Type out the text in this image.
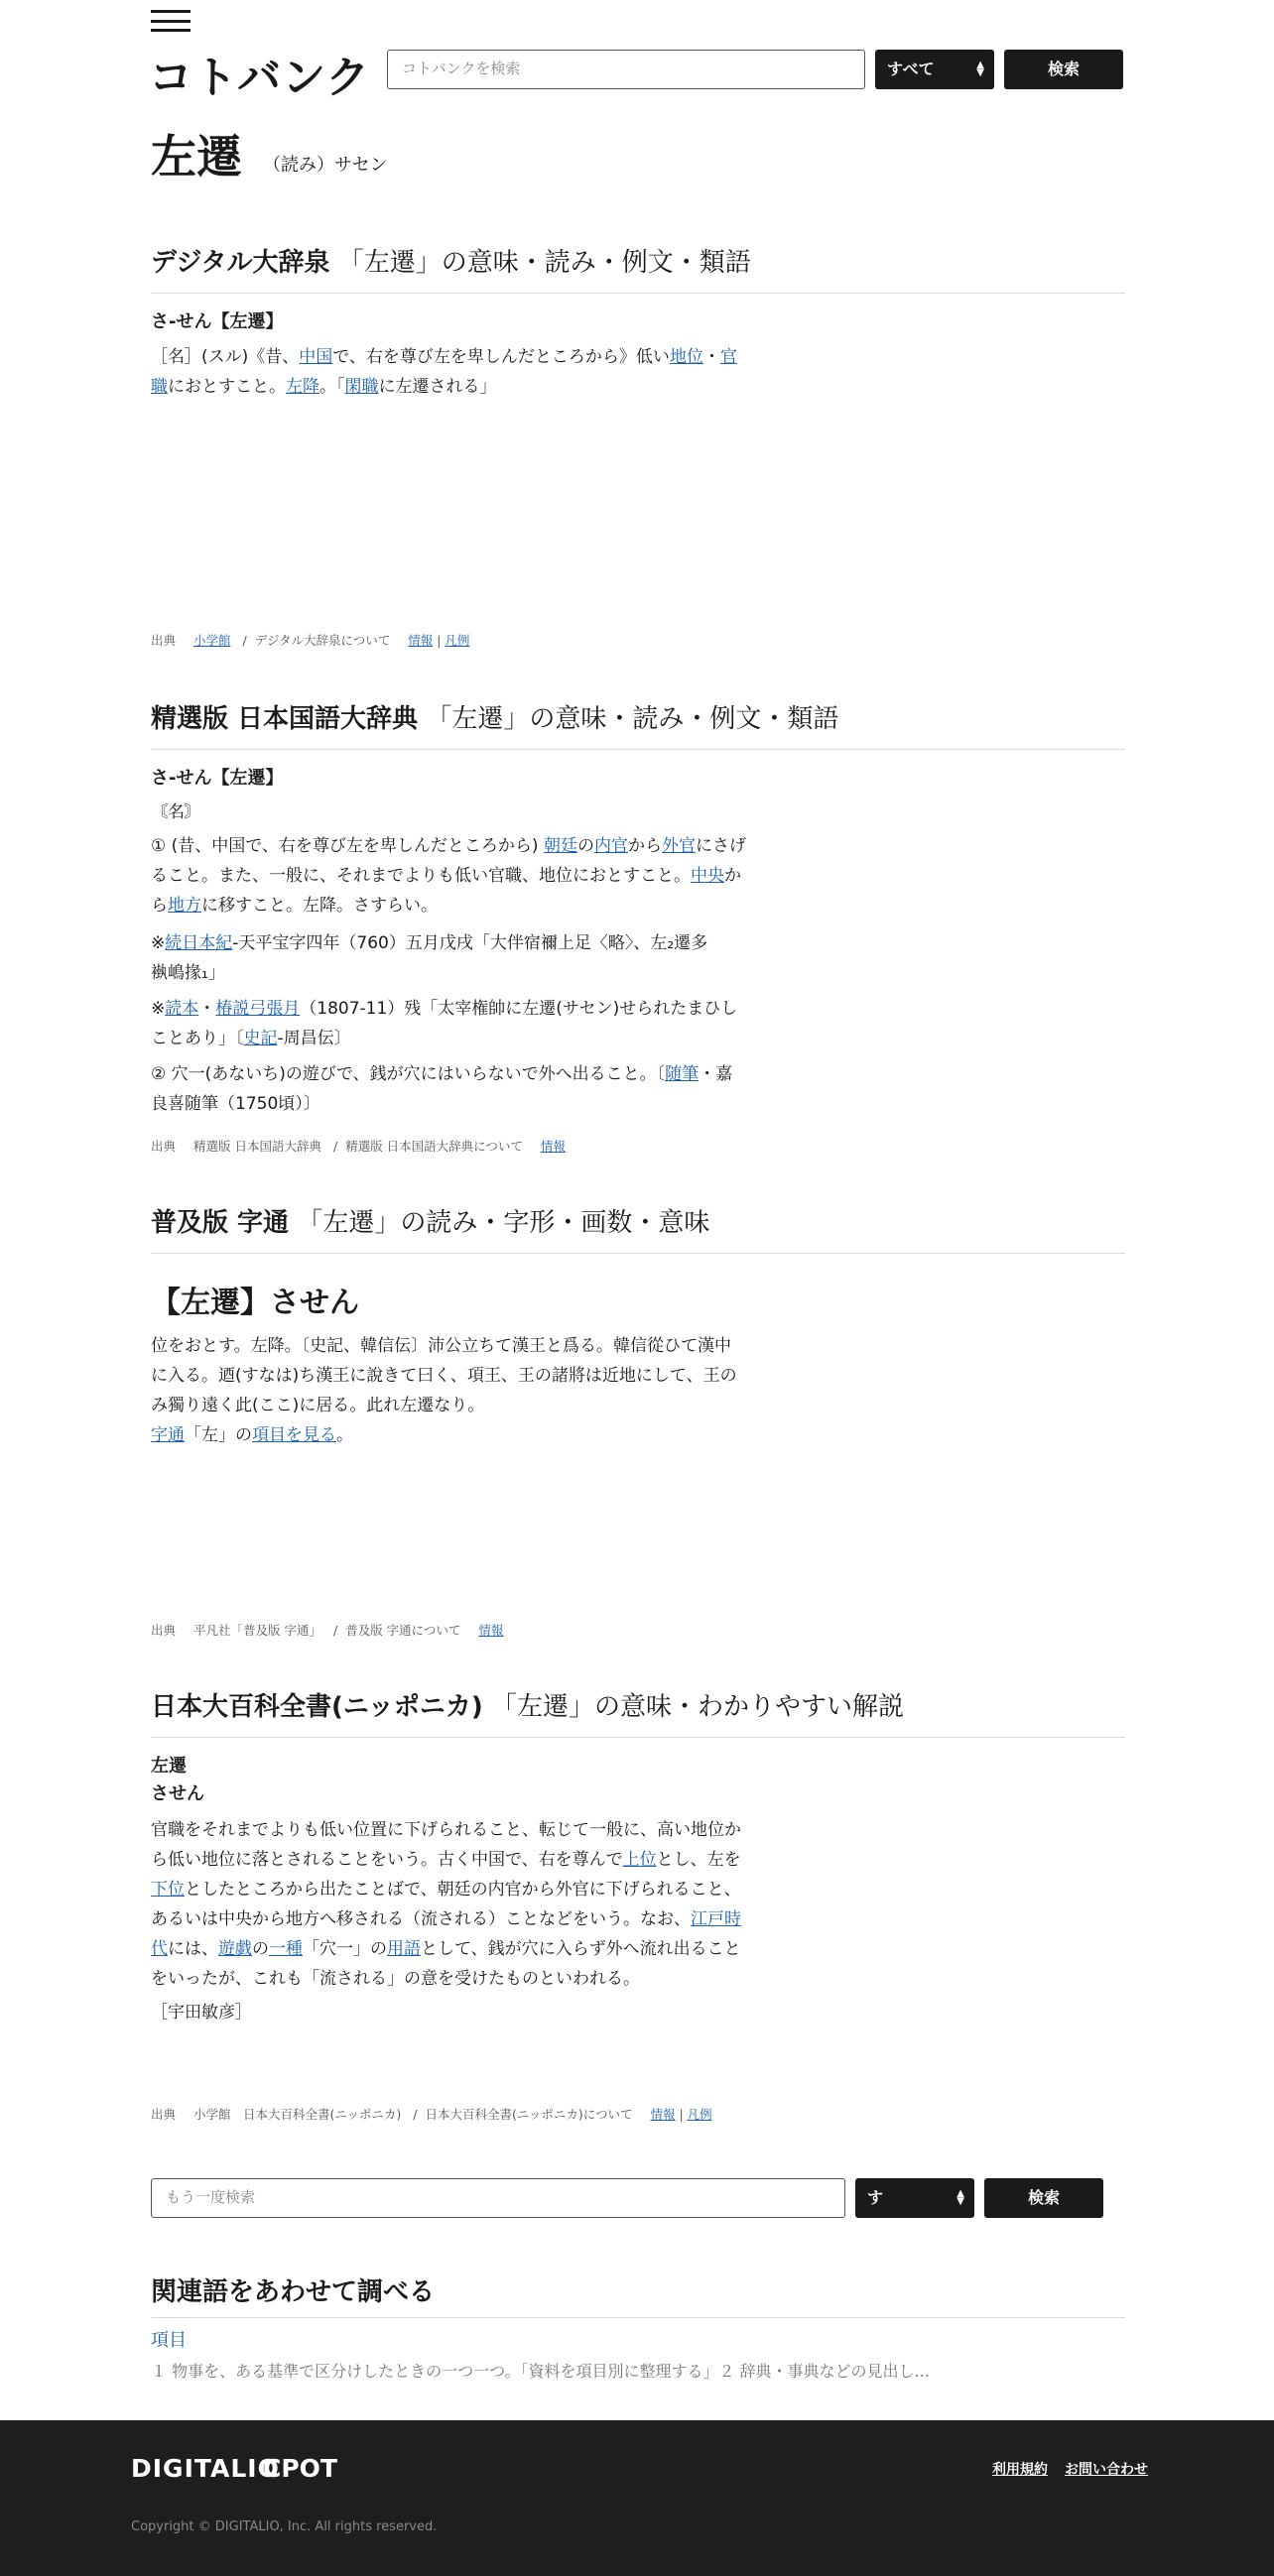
コトバンク	コトバンクを検索	すべて	▲
▼	検索
左遷 （読み）サセン
デジタル大辞泉 「左遷」の意味・読み・例文・類語
さ‐せん【左遷】
［名］(スル)《昔、中国で、右を尊び左を卑しんだところから》低い地位・官
職におとすこと。左降。「閑職に左遷される」
出典 小学館 / デジタル大辞泉について 情報 | 凡例
精選版 日本国語大辞典 「左遷」の意味・読み・例文・類語
さ‐せん【左遷】
〘名〙
① (昔、中国で、右を尊び左を卑しんだところから) 朝廷の内官から外官にさげ
ること。また、一般に、それまでよりも低い官職、地位におとすこと。中央か
ら地方に移すこと。左降。さすらい。
※続日本紀‐天平宝字四年（760）五月戊戌「大伴宿禰上足〈略〉、左₂遷多
褹嶋掾₁」
※読本・椿説弓張月（1807‐11）残「太宰権帥に左遷(サセン)せられたまひし
ことあり」〔史記‐周昌伝〕
② 穴一(あないち)の遊びで、銭が穴にはいらないで外へ出ること。〔随筆・嘉
良喜随筆（1750頃）〕
出典 精選版 日本国語大辞典 / 精選版 日本国語大辞典について 情報
普及版 字通 「左遷」の読み・字形・画数・意味
【左遷】させん
位をおとす。左降。〔史記、韓信伝〕沛公立ちて漢王と爲る。韓信從ひて漢中
に入る。迺(すなは)ち漢王に說きて曰く、項王、王の諸將は近地にして、王の
み獨り遠く此(ここ)に居る。此れ左遷なり。
字通「左」の項目を見る。
出典 平凡社「普及版 字通」 / 普及版 字通について 情報
日本大百科全書(ニッポニカ) 「左遷」の意味・わかりやすい解説
左遷
させん
官職をそれまでよりも低い位置に下げられること、転じて一般に、高い地位か
ら低い地位に落とされることをいう。古く中国で、右を尊んで上位とし、左を
下位としたところから出たことばで、朝廷の内官から外官に下げられること、
あるいは中央から地方へ移される（流される）ことなどをいう。なお、江戸時
代には、遊戯の一種「穴一」の用語として、銭が穴に入らず外へ流れ出ること
をいったが、これも「流される」の意を受けたものといわれる。
［宇田敏彦］
出典 小学館　日本大百科全書(ニッポニカ) / 日本大百科全書(ニッポニカ)について 情報 | 凡例
もう一度検索	す	▲
▼	検索
関連語をあわせて調べる
項目
１ 物事を、ある基準で区分けしたときの一つ一つ。「資料を項目別に整理する」２ 辞典・事典などの見出し...
DIGITALIO
CPOT	利用規約 お問い合わせ
Copyright © DIGITALIO, Inc. All rights reserved.
